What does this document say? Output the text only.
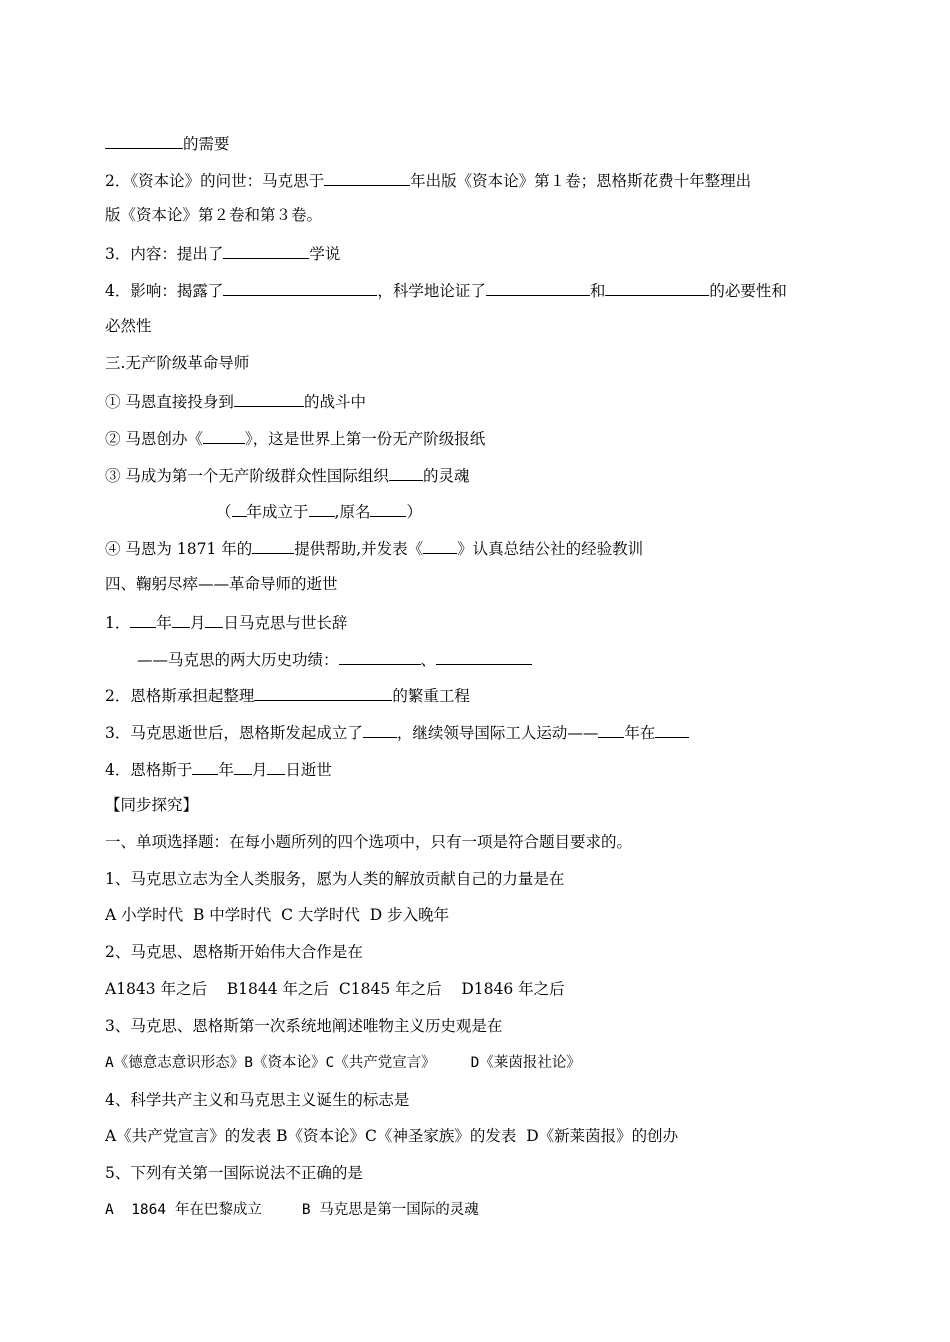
的需要
2．《资本论》的问世：马克思于	年出版《资本论》第１卷；恩格斯花费十年整理出
版《资本论》第２卷和第３卷。
3．内容：提出了	学说
4．影响：揭露了	，科学地论证了	和	的必要性和
必然性
三.无产阶级革命导师
① 马恩直接投身到	的战斗中
② 马恩创办《	》，这是世界上第一份无产阶级报纸
③ 马成为第一个无产阶级群众性国际组织 的灵魂
（ 年成立于 ,原名 ）
④ 马恩为 1871 年的	提供帮助,并发表《 》认真总结公社的经验教训
四、鞠躬尽瘁——革命导师的逝世
1． 年 月 日马克思与世长辞
——马克思的两大历史功绩：	、
2．恩格斯承担起整理	的繁重工程
3．马克思逝世后，恩格斯发起成立了 ，继续领导国际工人运动—— 年在
4．恩格斯于 年 月 日逝世
【同步探究】
一、单项选择题：在每小题所列的四个选项中，只有一项是符合题目要求的。
1、马克思立志为全人类服务，愿为人类的解放贡献自己的力量是在
A 小学时代  B 中学时代  C 大学时代  D 步入晚年
2、马克思、恩格斯开始伟大合作是在
A1843 年之后    B1844 年之后  C1845 年之后    D1846 年之后
3、马克思、恩格斯第一次系统地阐述唯物主义历史观是在
A《德意志意识形态》B《资本论》C《共产党宣言》    D《莱茵报社论》
4、科学共产主义和马克思主义诞生的标志是
A《共产党宣言》的发表 B《资本论》C《神圣家族》的发表  D《新莱茵报》的创办
5、下列有关第一国际说法不正确的是
A  1864 年在巴黎成立	B 马克思是第一国际的灵魂
